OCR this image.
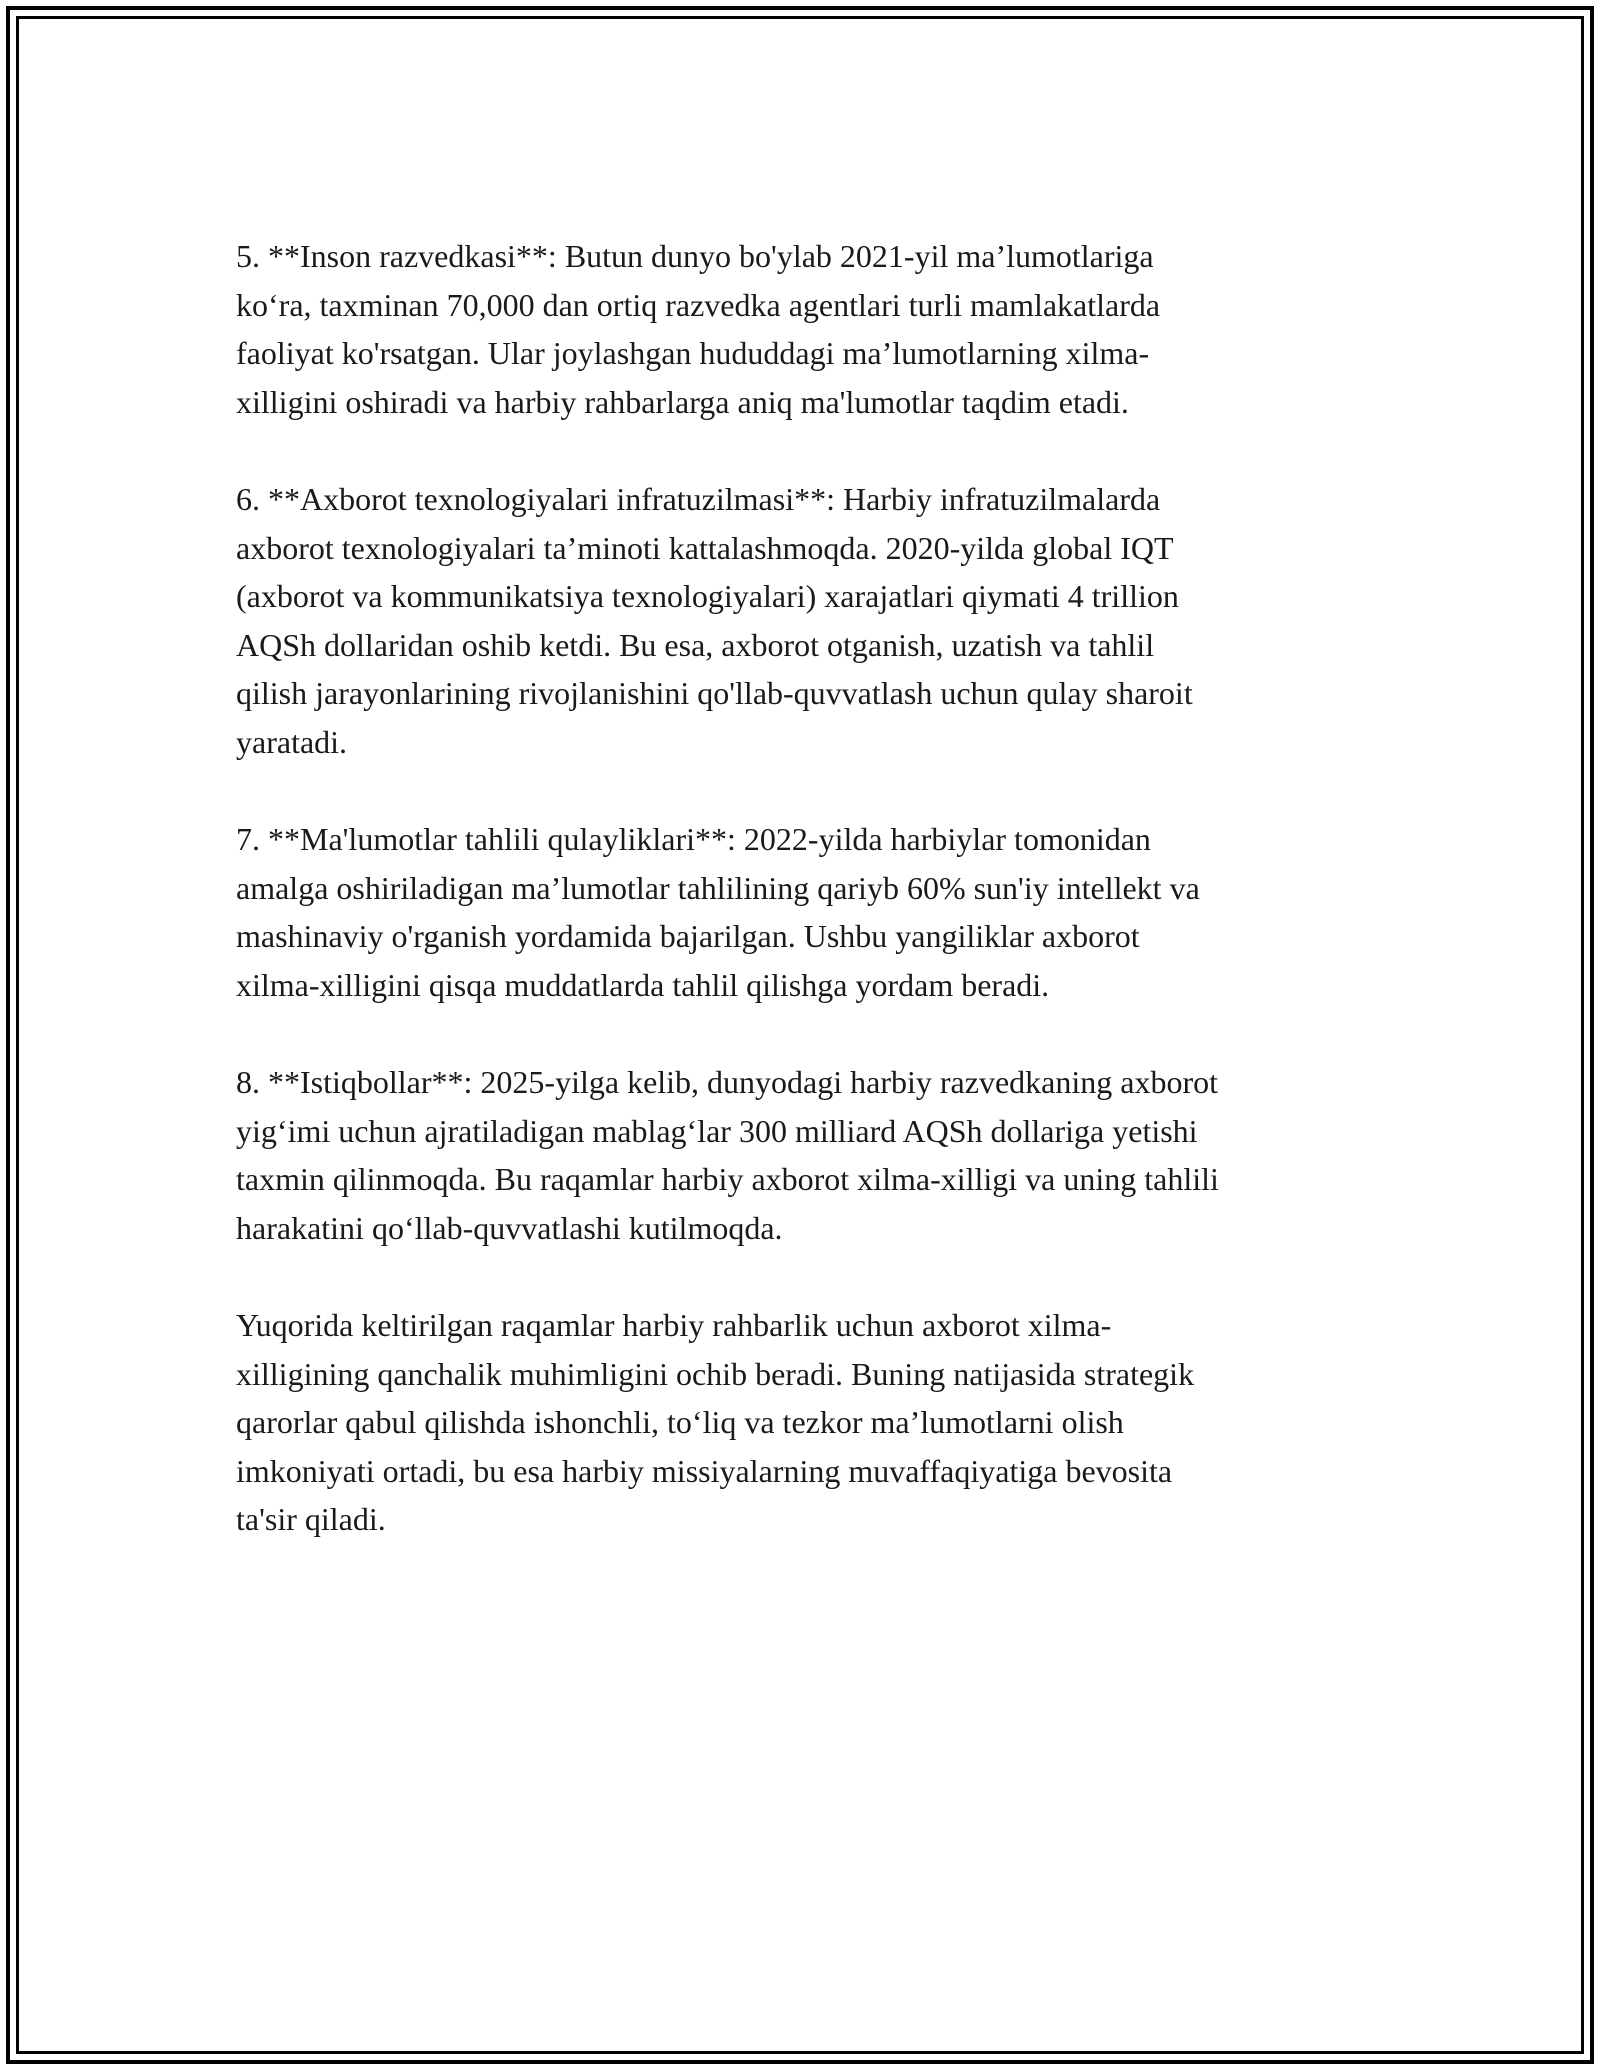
5. **Inson razvedkasi**: Butun dunyo bo'ylab 2021-yil ma’lumotlariga
ko‘ra, taxminan 70,000 dan ortiq razvedka agentlari turli mamlakatlarda
faoliyat ko'rsatgan. Ular joylashgan hududdagi ma’lumotlarning xilma-
xilligini oshiradi va harbiy rahbarlarga aniq ma'lumotlar taqdim etadi.

6. **Axborot texnologiyalari infratuzilmasi**: Harbiy infratuzilmalarda
axborot texnologiyalari ta’minoti kattalashmoqda. 2020-yilda global IQT
(axborot va kommunikatsiya texnologiyalari) xarajatlari qiymati 4 trillion
AQSh dollaridan oshib ketdi. Bu esa, axborot otganish, uzatish va tahlil
qilish jarayonlarining rivojlanishini qo'llab-quvvatlash uchun qulay sharoit
yaratadi.

7. **Ma'lumotlar tahlili qulayliklari**: 2022-yilda harbiylar tomonidan
amalga oshiriladigan ma’lumotlar tahlilining qariyb 60% sun'iy intellekt va
mashinaviy o'rganish yordamida bajarilgan. Ushbu yangiliklar axborot
xilma-xilligini qisqa muddatlarda tahlil qilishga yordam beradi.

8. **Istiqbollar**: 2025-yilga kelib, dunyodagi harbiy razvedkaning axborot
yig‘imi uchun ajratiladigan mablag‘lar 300 milliard AQSh dollariga yetishi
taxmin qilinmoqda. Bu raqamlar harbiy axborot xilma-xilligi va uning tahlili
harakatini qo‘llab-quvvatlashi kutilmoqda.

Yuqorida keltirilgan raqamlar harbiy rahbarlik uchun axborot xilma-
xilligining qanchalik muhimligini ochib beradi. Buning natijasida strategik
qarorlar qabul qilishda ishonchli, to‘liq va tezkor ma’lumotlarni olish
imkoniyati ortadi, bu esa harbiy missiyalarning muvaffaqiyatiga bevosita
ta'sir qiladi.
